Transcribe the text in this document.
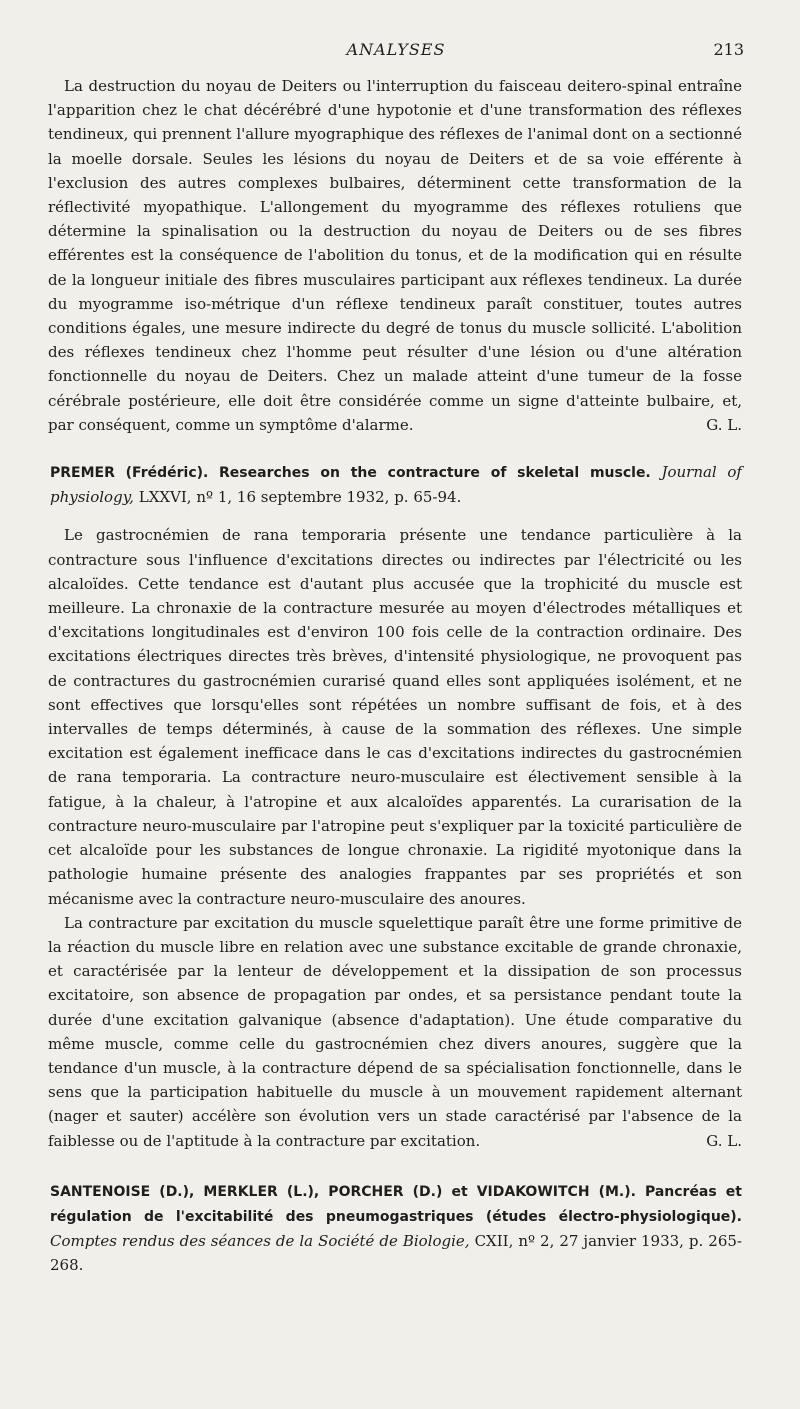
ANALYSES	213

La destruction du noyau de Deiters ou l'interruption du faisceau deitero-spinal entraîne l'apparition chez le chat décérébré d'une hypotonie et d'une transformation des réflexes tendineux, qui prennent l'allure myographique des réflexes de l'animal dont on a sectionné la moelle dorsale. Seules les lésions du noyau de Deiters et de sa voie efférente à l'exclusion des autres complexes bulbaires, déterminent cette transformation de la réflectivité myopathique. L'allongement du myogramme des réflexes rotuliens que détermine la spinalisation ou la destruction du noyau de Deiters ou de ses fibres efférentes est la conséquence de l'abolition du tonus, et de la modification qui en résulte de la longueur initiale des fibres musculaires participant aux réflexes tendineux. La durée du myogramme iso-métrique d'un réflexe tendineux paraît constituer, toutes autres conditions égales, une mesure indirecte du degré de tonus du muscle sollicité. L'abolition des réflexes tendineux chez l'homme peut résulter d'une lésion ou d'une altération fonctionnelle du noyau de Deiters. Chez un malade atteint d'une tumeur de la fosse cérébrale postérieure, elle doit être considérée comme un signe d'atteinte bulbaire, et, par conséquent, comme un symptôme d'alarme.	G. L.

PREMER (Frédéric). Researches on the contracture of skeletal muscle. Journal of physiology, LXXVI, nº 1, 16 septembre 1932, p. 65-94.

Le gastrocnémien de rana temporaria présente une tendance particulière à la contracture sous l'influence d'excitations directes ou indirectes par l'électricité ou les alcaloïdes. Cette tendance est d'autant plus accusée que la trophicité du muscle est meilleure. La chronaxie de la contracture mesurée au moyen d'électrodes métalliques et d'excitations longitudinales est d'environ 100 fois celle de la contraction ordinaire. Des excitations électriques directes très brèves, d'intensité physiologique, ne provoquent pas de contractures du gastrocnémien curarisé quand elles sont appliquées isolément, et ne sont effectives que lorsqu'elles sont répétées un nombre suffisant de fois, et à des intervalles de temps déterminés, à cause de la sommation des réflexes. Une simple excitation est également inefficace dans le cas d'excitations indirectes du gastrocnémien de rana temporaria. La contracture neuro-musculaire est électivement sensible à la fatigue, à la chaleur, à l'atropine et aux alcaloïdes apparentés. La curarisation de la contracture neuro-musculaire par l'atropine peut s'expliquer par la toxicité particulière de cet alcaloïde pour les substances de longue chronaxie. La rigidité myotonique dans la pathologie humaine présente des analogies frappantes par ses propriétés et son mécanisme avec la contracture neuro-musculaire des anoures.

La contracture par excitation du muscle squelettique paraît être une forme primitive de la réaction du muscle libre en relation avec une substance excitable de grande chronaxie, et caractérisée par la lenteur de développement et la dissipation de son processus excitatoire, son absence de propagation par ondes, et sa persistance pendant toute la durée d'une excitation galvanique (absence d'adaptation). Une étude comparative du même muscle, comme celle du gastrocnémien chez divers anoures, suggère que la tendance d'un muscle, à la contracture dépend de sa spécialisation fonctionnelle, dans le sens que la participation habituelle du muscle à un mouvement rapidement alternant (nager et sauter) accélère son évolution vers un stade caractérisé par l'absence de la faiblesse ou de l'aptitude à la contracture par excitation.	G. L.

SANTENOISE (D.), MERKLER (L.), PORCHER (D.) et VIDAKOWITCH (M.). Pancréas et régulation de l'excitabilité des pneumogastriques (études électro-physiologique). Comptes rendus des séances de la Société de Biologie, CXII, nº 2, 27 janvier 1933, p. 265-268.
